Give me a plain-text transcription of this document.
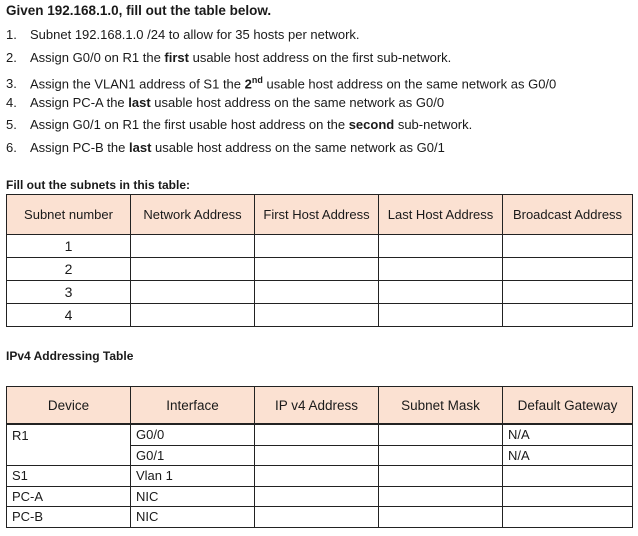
Given 192.168.1.0, fill out the table below.
1. Subnet 192.168.1.0 /24 to allow for 35 hosts per network.
2. Assign G0/0 on R1 the first usable host address on the first sub-network.
3. Assign the VLAN1 address of S1 the 2nd usable host address on the same network as G0/0
4. Assign PC-A the last usable host address on the same network as G0/0
5. Assign G0/1 on R1 the first usable host address on the second sub-network.
6. Assign PC-B the last usable host address on the same network as G0/1
Fill out the subnets in this table:
Subnet number	Network Address	First Host Address	Last Host Address	Broadcast Address
1				
2				
3				
4				
IPv4 Addressing Table
Device	Interface	IP v4 Address	Subnet Mask	Default Gateway
R1	G0/0			N/A
	G0/1			N/A
S1	Vlan 1			
PC-A	NIC			
PC-B	NIC			
